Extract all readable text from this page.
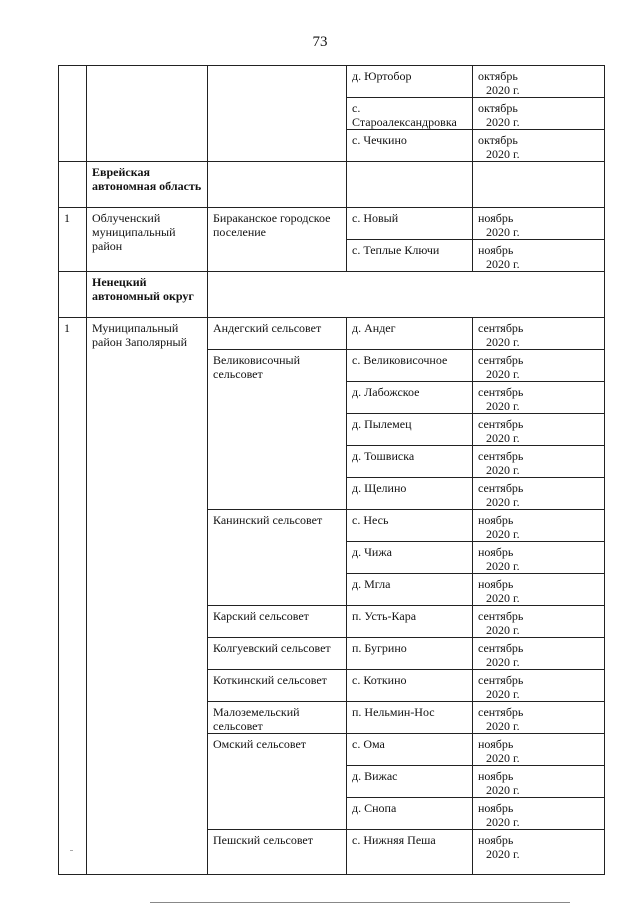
73
			д. Юртобор	октябрь
2020 г.

			с. Староалександровка	октябрь
2020 г.

			с. Чечкино	октябрь
2020 г.

	Еврейская автономная область			
1	Облученский муниципальный район	Бираканское городское поселение	с. Новый	ноябрь
2020 г.

			с. Теплые Ключи	ноябрь
2020 г.

	Ненецкий автономный округ			
1	Муниципальный район Заполярный	Андегский сельсовет	д. Андег	сентябрь
2020 г.

		Великовисочный сельсовет	с. Великовисочное	сентябрь
2020 г.

			д. Лабожское	сентябрь
2020 г.

			д. Пылемец	сентябрь
2020 г.

			д. Тошвиска	сентябрь
2020 г.

			д. Щелино	сентябрь
2020 г.

		Канинский сельсовет	с. Несь	ноябрь
2020 г.

			д. Чижа	ноябрь
2020 г.

			д. Мгла	ноябрь
2020 г.

		Карский сельсовет	п. Усть-Кара	сентябрь
2020 г.

		Колгуевский сельсовет	п. Бугрино	сентябрь
2020 г.

		Коткинский сельсовет	с. Коткино	сентябрь
2020 г.

		Малоземельский сельсовет	п. Нельмин-Нос	сентябрь
2020 г.

		Омский сельсовет	с. Ома	ноябрь
2020 г.

			д. Вижас	ноябрь
2020 г.

			д. Снопа	ноябрь
2020 г.

		Пешский сельсовет	с. Нижняя Пеша	ноябрь
2020 г.
